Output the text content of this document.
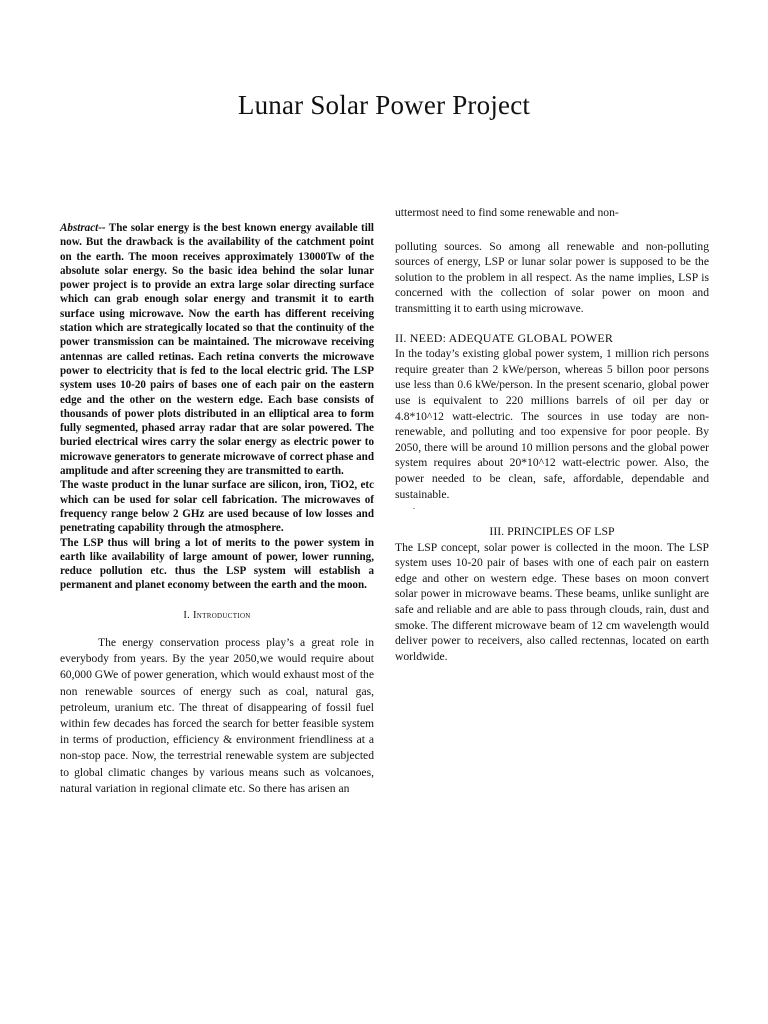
Lunar Solar Power Project

Abstract-- The solar energy is the best known energy available till now. But the drawback is the availability of the catchment point on the earth. The moon receives approximately 13000Tw of the absolute solar energy. So the basic idea behind the solar lunar power project is to provide an extra large solar directing surface which can grab enough solar energy and transmit it to earth surface using microwave. Now the earth has different receiving station which are strategically located so that the continuity of the power transmission can be maintained. The microwave receiving antennas are called retinas. Each retina converts the microwave power to electricity that is fed to the local electric grid. The LSP system uses 10-20 pairs of bases one of each pair on the eastern edge and the other on the western edge. Each base consists of thousands of power plots distributed in an elliptical area to form fully segmented, phased array radar that are solar powered. The buried electrical wires carry the solar energy as electric power to microwave generators to generate microwave of correct phase and amplitude and after screening they are transmitted to earth.

The waste product in the lunar surface are silicon, iron, TiO2, etc which can be used for solar cell fabrication. The microwaves of frequency range below 2 GHz are used because of low losses and penetrating capability through the atmosphere.

The LSP thus will bring a lot of merits to the power system in earth like availability of large amount of power, lower running, reduce pollution etc. thus the LSP system will establish a permanent and planet economy between the earth and the moon.

I. Introduction

The energy conservation process play’s a great role in everybody from years. By the year 2050,we would require about 60,000 GWe of power generation, which would exhaust most of the non renewable sources of energy such as coal, natural gas, petroleum, uranium etc. The threat of disappearing of fossil fuel within few decades has forced the search for better feasible system in terms of production, efficiency & environment friendliness at a non-stop pace. Now, the terrestrial renewable system are subjected to global climatic changes by various means such as volcanoes, natural variation in regional climate etc. So there has arisen an

uttermost need to find some renewable and non-

polluting sources. So among all renewable and non-polluting sources of energy, LSP or lunar solar power is supposed to be the solution to the problem in all respect. As the name implies, LSP is concerned with the collection of solar power on moon and transmitting it to earth using microwave.

II. NEED: ADEQUATE GLOBAL POWER

In the today’s existing global power system, 1 million rich persons require greater than 2 kWe/person, whereas 5 billon poor persons use less than 0.6 kWe/person. In the present scenario, global power use is equivalent to 220 millions barrels of oil per day or 4.8*10^12 watt-electric. The sources in use today are non-renewable, and polluting and too expensive for poor people. By 2050, there will be around 10 million persons and the global power system requires about 20*10^12 watt-electric power. Also, the power needed to be clean, safe, affordable, dependable and sustainable.

.

III. PRINCIPLES OF LSP

The LSP concept, solar power is collected in the moon. The LSP system uses 10-20 pair of bases with one of each pair on eastern edge and other on western edge. These bases on moon convert solar power in microwave beams. These beams, unlike sunlight are safe and reliable and are able to pass through clouds, rain, dust and smoke. The different microwave beam of 12 cm wavelength would deliver power to receivers, also called rectennas, located on earth worldwide.
